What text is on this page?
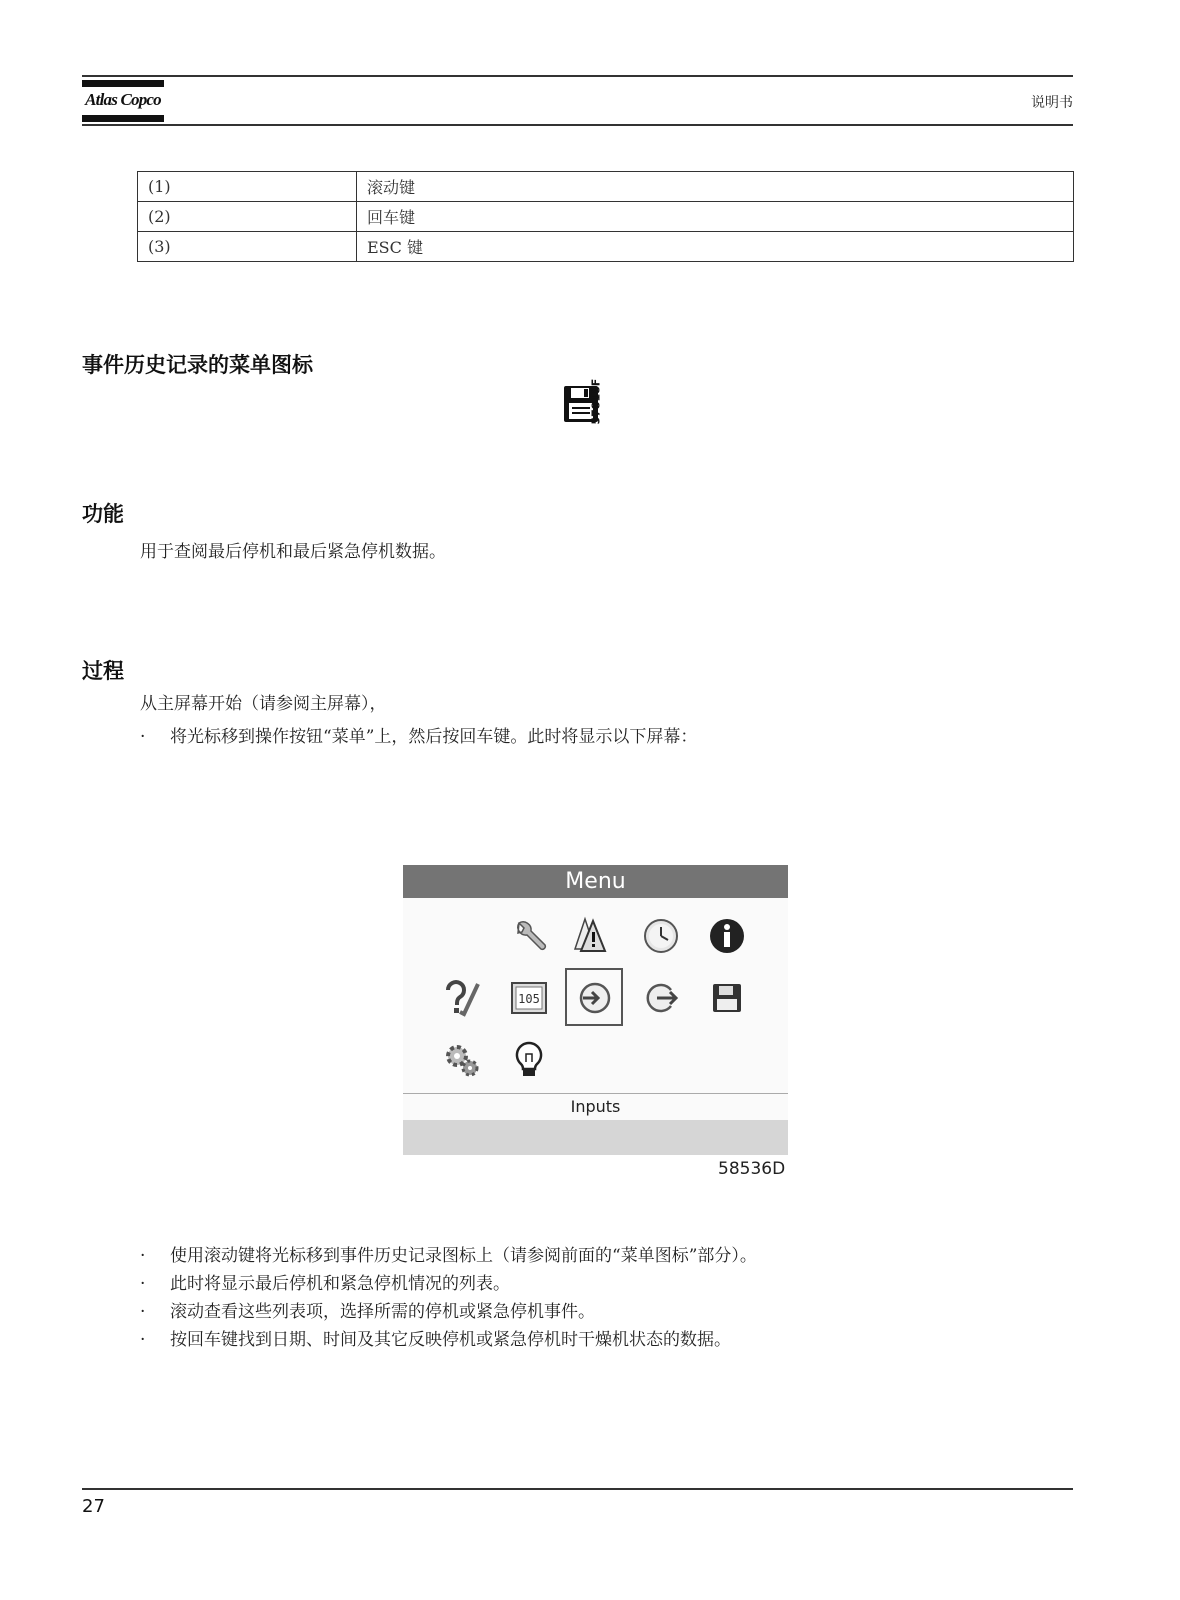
Atlas Copco	说明书
(1)	滚动键
(2)	回车键
(3)	ESC 键
事件历史记录的菜单图标
57818F
功能
用于查阅最后停机和最后紧急停机数据。
过程
从主屏幕开始（请参阅主屏幕），
· 将光标移到操作按钮“菜单”上，然后按回车键。此时将显示以下屏幕：
Menu
105
Inputs
58536D
· 使用滚动键将光标移到事件历史记录图标上（请参阅前面的“菜单图标”部分）。
· 此时将显示最后停机和紧急停机情况的列表。
· 滚动查看这些列表项，选择所需的停机或紧急停机事件。
· 按回车键找到日期、时间及其它反映停机或紧急停机时干燥机状态的数据。
27
